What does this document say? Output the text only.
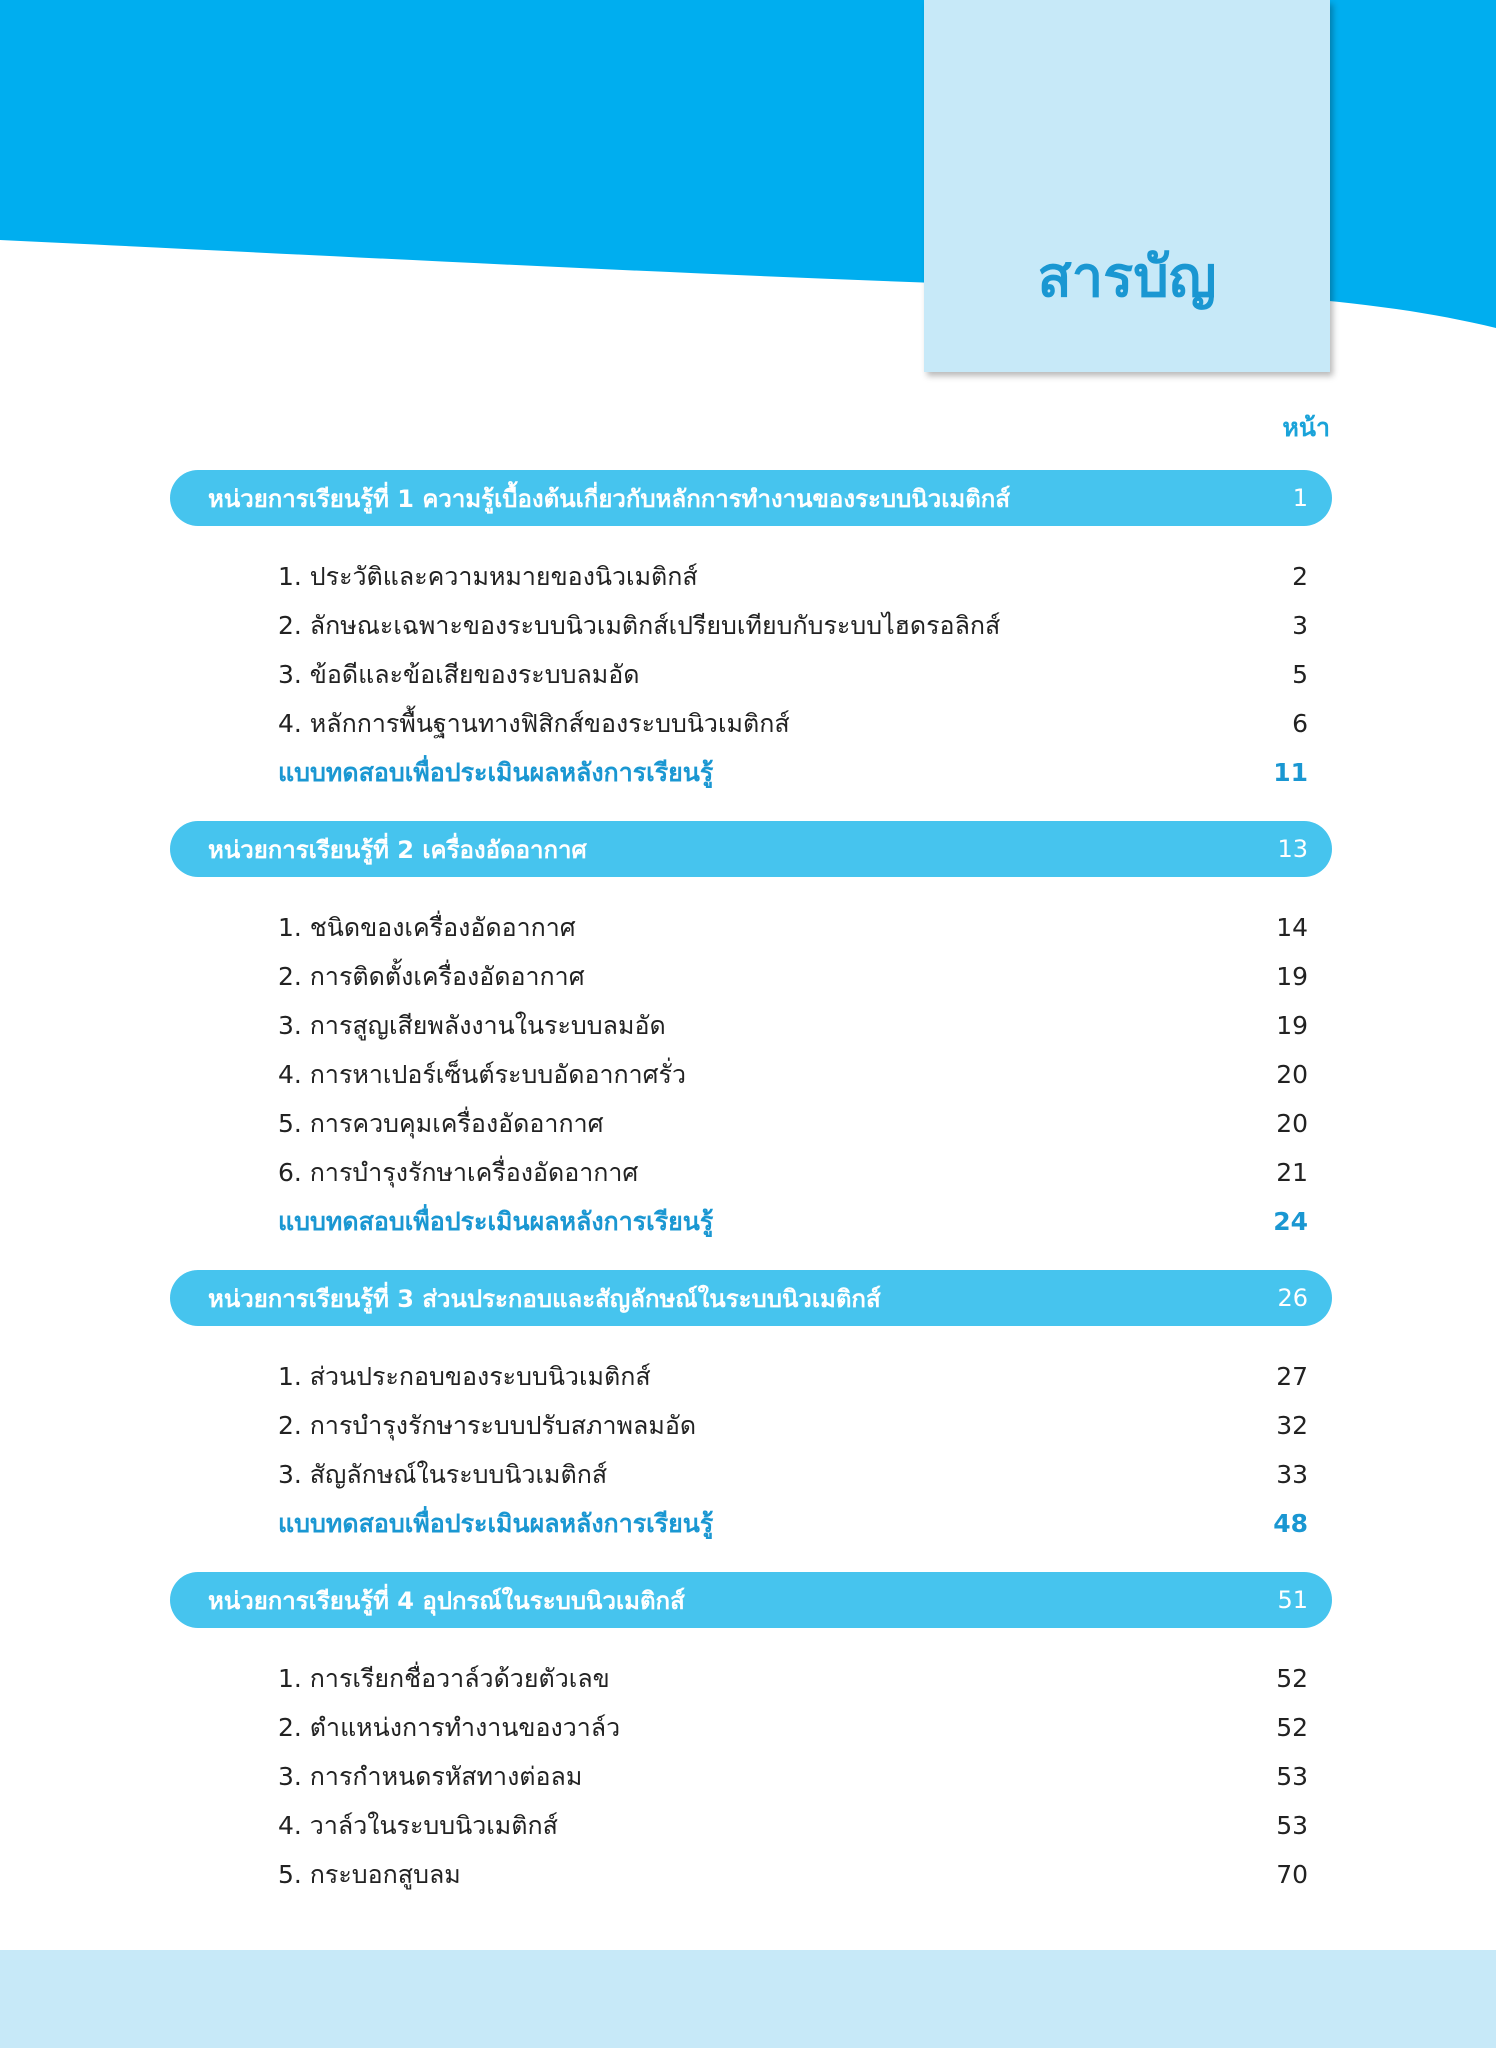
สารบัญ
หน้า
หน่วยการเรียนรู้ที่ 1 ความรู้เบื้องต้นเกี่ยวกับหลักการทำงานของระบบนิวเมติกส์	1
1. ประวัติและความหมายของนิวเมติกส์	2
2. ลักษณะเฉพาะของระบบนิวเมติกส์เปรียบเทียบกับระบบไฮดรอลิกส์	3
3. ข้อดีและข้อเสียของระบบลมอัด	5
4. หลักการพื้นฐานทางฟิสิกส์ของระบบนิวเมติกส์	6
แบบทดสอบเพื่อประเมินผลหลังการเรียนรู้	11
หน่วยการเรียนรู้ที่ 2 เครื่องอัดอากาศ	13
1. ชนิดของเครื่องอัดอากาศ	14
2. การติดตั้งเครื่องอัดอากาศ	19
3. การสูญเสียพลังงานในระบบลมอัด	19
4. การหาเปอร์เซ็นต์ระบบอัดอากาศรั่ว	20
5. การควบคุมเครื่องอัดอากาศ	20
6. การบำรุงรักษาเครื่องอัดอากาศ	21
แบบทดสอบเพื่อประเมินผลหลังการเรียนรู้	24
หน่วยการเรียนรู้ที่ 3 ส่วนประกอบและสัญลักษณ์ในระบบนิวเมติกส์	26
1. ส่วนประกอบของระบบนิวเมติกส์	27
2. การบำรุงรักษาระบบปรับสภาพลมอัด	32
3. สัญลักษณ์ในระบบนิวเมติกส์	33
แบบทดสอบเพื่อประเมินผลหลังการเรียนรู้	48
หน่วยการเรียนรู้ที่ 4 อุปกรณ์ในระบบนิวเมติกส์	51
1. การเรียกชื่อวาล์วด้วยตัวเลข	52
2. ตำแหน่งการทำงานของวาล์ว	52
3. การกำหนดรหัสทางต่อลม	53
4. วาล์วในระบบนิวเมติกส์	53
5. กระบอกสูบลม	70
